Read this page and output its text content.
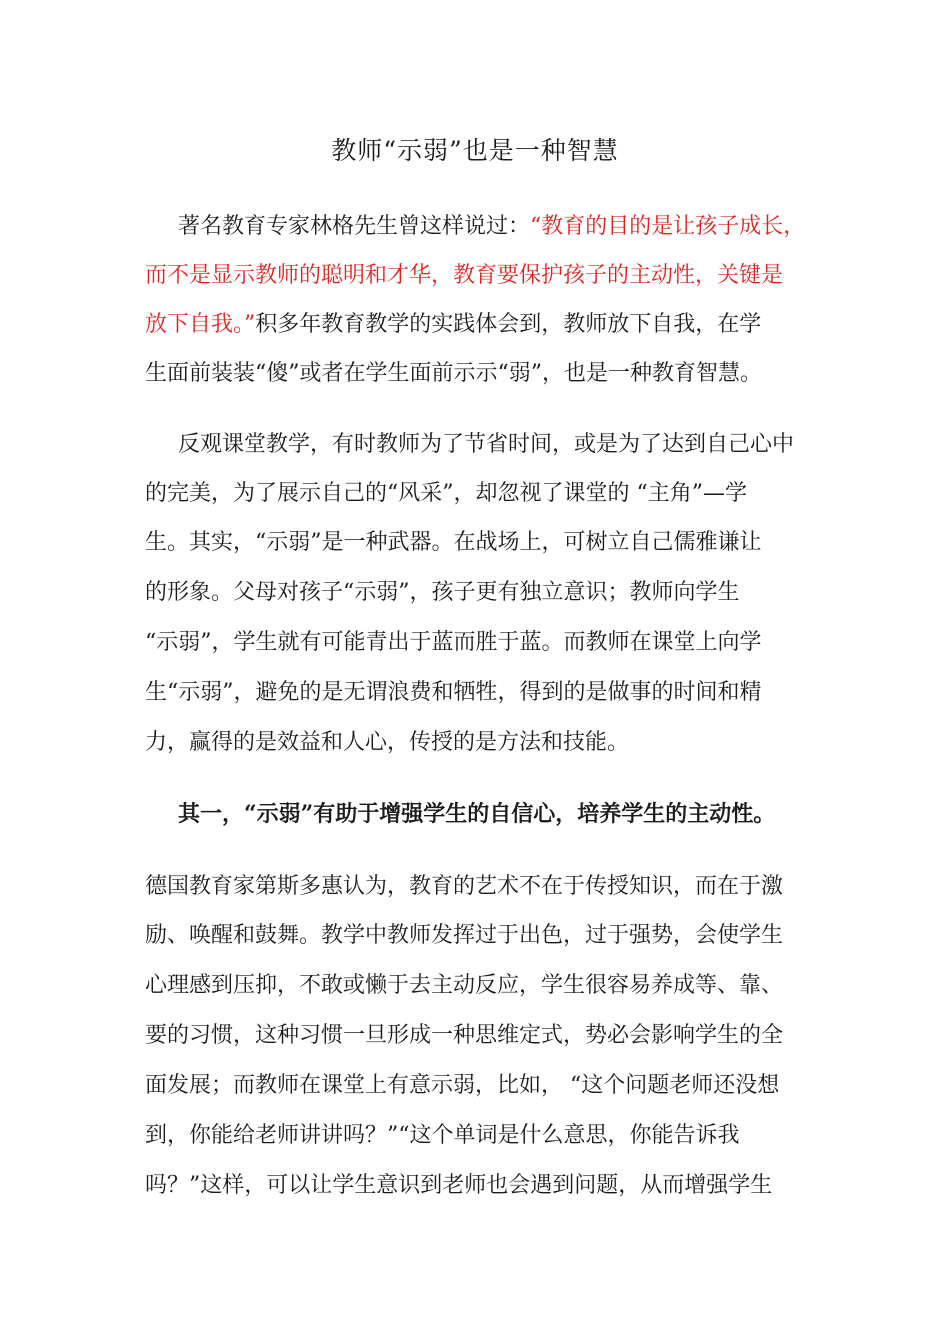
教师“示弱”也是一种智慧

著名教育专家林格先生曾这样说过：“教育的目的是让孩子成长，

而不是显示教师的聪明和才华，教育要保护孩子的主动性，关键是

放下自我。”积多年教育教学的实践体会到，教师放下自我，在学

生面前装装“傻”或者在学生面前示示“弱”，也是一种教育智慧。

反观课堂教学，有时教师为了节省时间，或是为了达到自己心中

的完美，为了展示自己的“风采”，却忽视了课堂的 “主角”—学

生。其实，“示弱”是一种武器。在战场上，可树立自己儒雅谦让

的形象。父母对孩子“示弱”，孩子更有独立意识；教师向学生

“示弱”，学生就有可能青出于蓝而胜于蓝。而教师在课堂上向学

生“示弱”，避免的是无谓浪费和牺牲，得到的是做事的时间和精

力，赢得的是效益和人心，传授的是方法和技能。

其一，“示弱”有助于增强学生的自信心，培养学生的主动性。

德国教育家第斯多惠认为，教育的艺术不在于传授知识，而在于激

励、唤醒和鼓舞。教学中教师发挥过于出色，过于强势，会使学生

心理感到压抑，不敢或懒于去主动反应，学生很容易养成等、靠、

要的习惯，这种习惯一旦形成一种思维定式，势必会影响学生的全

面发展；而教师在课堂上有意示弱，比如， “这个问题老师还没想

到，你能给老师讲讲吗？”“这个单词是什么意思，你能告诉我

吗？”这样，可以让学生意识到老师也会遇到问题，从而增强学生
